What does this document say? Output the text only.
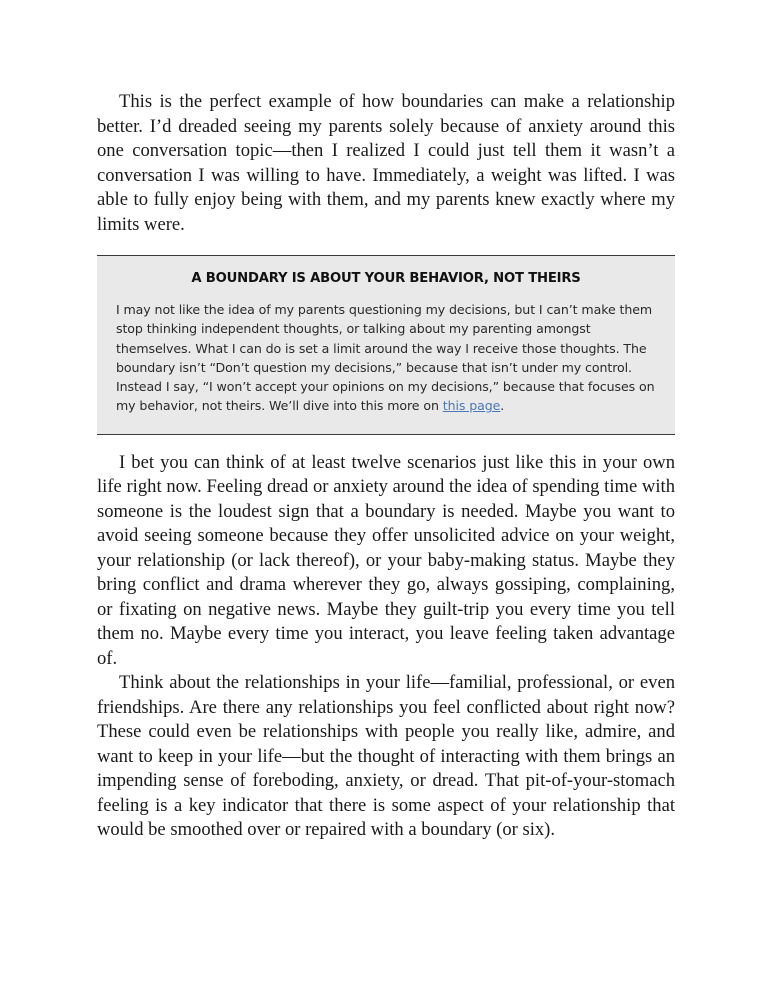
This is the perfect example of how boundaries can make a relationship better. I’d dreaded seeing my parents solely because of anxiety around this one conversation topic—then I realized I could just tell them it wasn’t a conversation I was willing to have. Immediately, a weight was lifted. I was able to fully enjoy being with them, and my parents knew exactly where my limits were.

A BOUNDARY IS ABOUT YOUR BEHAVIOR, NOT THEIRS

I may not like the idea of my parents questioning my decisions, but I can’t make them stop thinking independent thoughts, or talking about my parenting amongst themselves. What I can do is set a limit around the way I receive those thoughts. The boundary isn’t “Don’t question my decisions,” because that isn’t under my control. Instead I say, “I won’t accept your opinions on my decisions,” because that focuses on my behavior, not theirs. We’ll dive into this more on this page.

I bet you can think of at least twelve scenarios just like this in your own life right now. Feeling dread or anxiety around the idea of spending time with someone is the loudest sign that a boundary is needed. Maybe you want to avoid seeing someone because they offer unsolicited advice on your weight, your relationship (or lack thereof), or your baby-making status. Maybe they bring conflict and drama wherever they go, always gossiping, complaining, or fixating on negative news. Maybe they guilt-trip you every time you tell them no. Maybe every time you interact, you leave feeling taken advantage of.

Think about the relationships in your life—familial, professional, or even friendships. Are there any relationships you feel conflicted about right now? These could even be relationships with people you really like, admire, and want to keep in your life—but the thought of interacting with them brings an impending sense of foreboding, anxiety, or dread. That pit-of-your-stomach feeling is a key indicator that there is some aspect of your relationship that would be smoothed over or repaired with a boundary (or six).
